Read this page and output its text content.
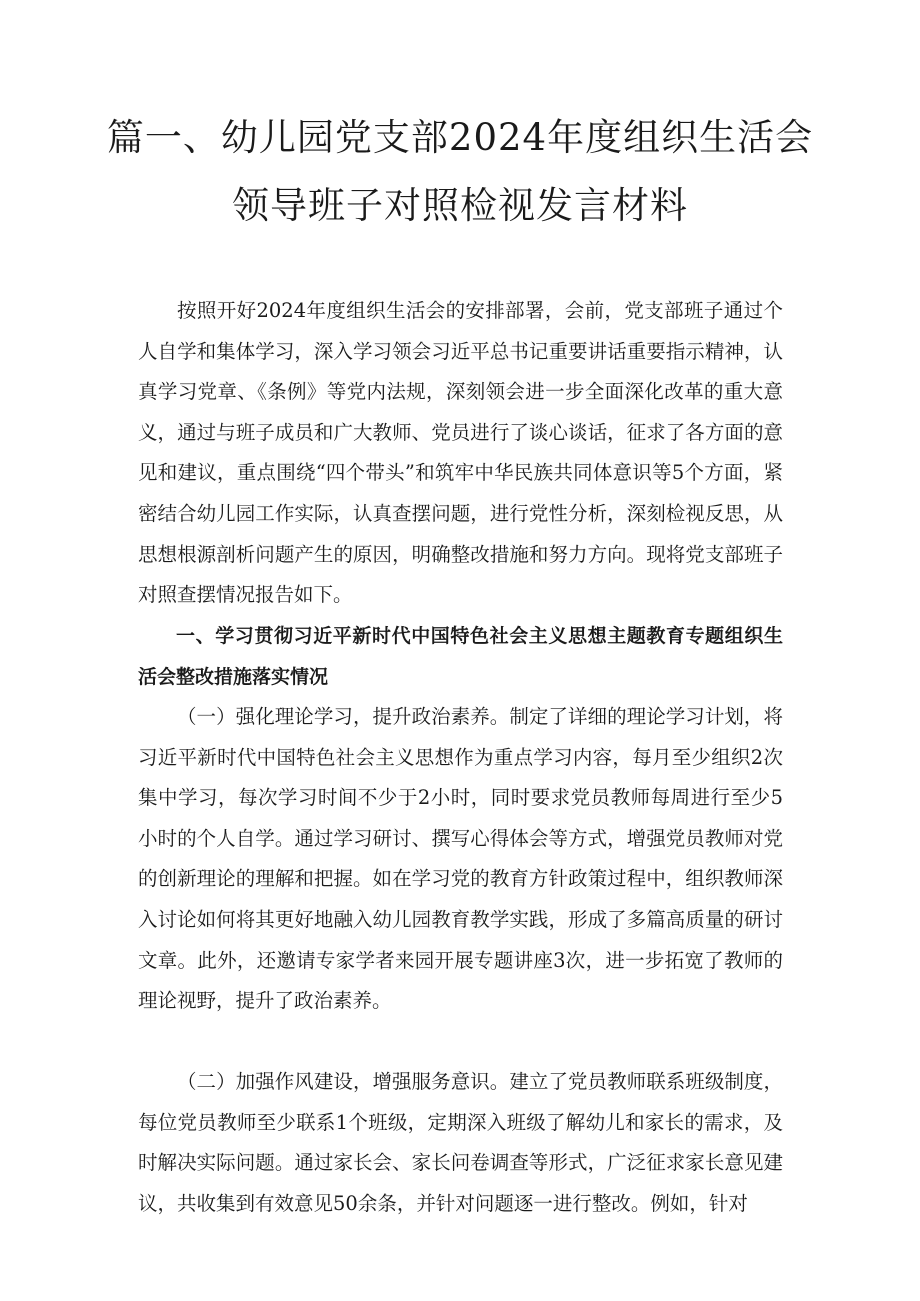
篇一、幼儿园党支部2024年度组织生活会
领导班子对照检视发言材料

按照开好2024年度组织生活会的安排部署，会前，党支部班子通过个人自学和集体学习，深入学习领会习近平总书记重要讲话重要指示精神，认真学习党章、《条例》等党内法规，深刻领会进一步全面深化改革的重大意义，通过与班子成员和广大教师、党员进行了谈心谈话，征求了各方面的意见和建议，重点围绕“四个带头”和筑牢中华民族共同体意识等5个方面，紧密结合幼儿园工作实际，认真查摆问题，进行党性分析，深刻检视反思，从思想根源剖析问题产生的原因，明确整改措施和努力方向。现将党支部班子对照查摆情况报告如下。

一、学习贯彻习近平新时代中国特色社会主义思想主题教育专题组织生活会整改措施落实情况

（一）强化理论学习，提升政治素养。制定了详细的理论学习计划，将习近平新时代中国特色社会主义思想作为重点学习内容，每月至少组织2次集中学习，每次学习时间不少于2小时，同时要求党员教师每周进行至少5小时的个人自学。通过学习研讨、撰写心得体会等方式，增强党员教师对党的创新理论的理解和把握。如在学习党的教育方针政策过程中，组织教师深入讨论如何将其更好地融入幼儿园教育教学实践，形成了多篇高质量的研讨文章。此外，还邀请专家学者来园开展专题讲座3次，进一步拓宽了教师的理论视野，提升了政治素养。

（二）加强作风建设，增强服务意识。建立了党员教师联系班级制度，每位党员教师至少联系1个班级，定期深入班级了解幼儿和家长的需求，及时解决实际问题。通过家长会、家长问卷调查等形式，广泛征求家长意见建议，共收集到有效意见50余条，并针对问题逐一进行整改。例如，针对
